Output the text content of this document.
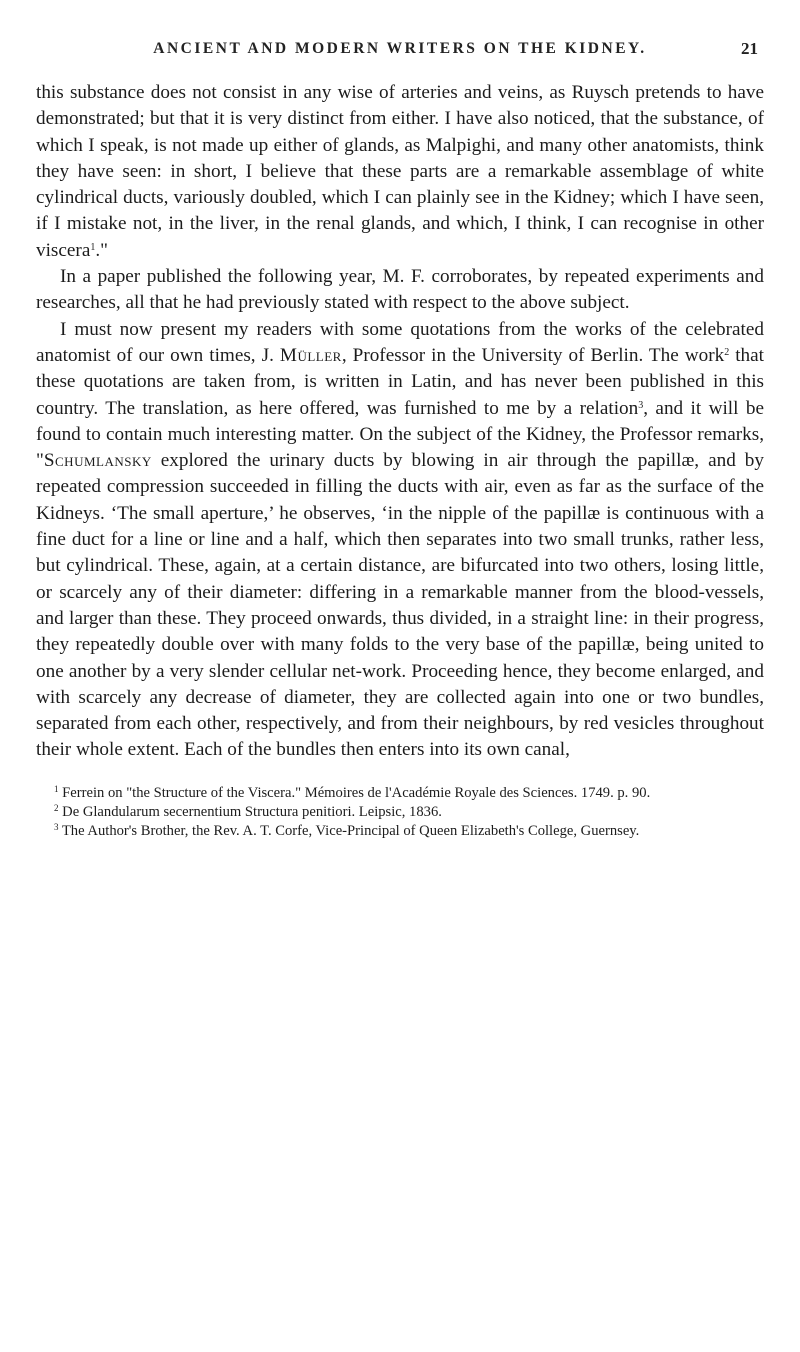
ANCIENT AND MODERN WRITERS ON THE KIDNEY.	21

this substance does not consist in any wise of arteries and veins, as Ruysch pretends to have demonstrated; but that it is very distinct from either. I have also noticed, that the substance, of which I speak, is not made up either of glands, as Malpighi, and many other anatomists, think they have seen: in short, I believe that these parts are a remarkable assemblage of white cylindrical ducts, variously doubled, which I can plainly see in the Kidney; which I have seen, if I mistake not, in the liver, in the renal glands, and which, I think, I can recognise in other viscera$^1$."

In a paper published the following year, M. F. corroborates, by repeated experiments and researches, all that he had previously stated with respect to the above subject.

I must now present my readers with some quotations from the works of the celebrated anatomist of our own times, J. Müller, Professor in the University of Berlin. The work$^2$ that these quotations are taken from, is written in Latin, and has never been published in this country. The translation, as here offered, was furnished to me by a relation$^3$, and it will be found to contain much interesting matter. On the subject of the Kidney, the Professor remarks, "Schumlansky explored the urinary ducts by blowing in air through the papillæ, and by repeated compression succeeded in filling the ducts with air, even as far as the surface of the Kidneys. ‘The small aperture,’ he observes, ‘in the nipple of the papillæ is continuous with a fine duct for a line or line and a half, which then separates into two small trunks, rather less, but cylindrical. These, again, at a certain distance, are bifurcated into two others, losing little, or scarcely any of their diameter: differing in a remarkable manner from the blood-vessels, and larger than these. They proceed onwards, thus divided, in a straight line: in their progress, they repeatedly double over with many folds to the very base of the papillæ, being united to one another by a very slender cellular net-work. Proceeding hence, they become enlarged, and with scarcely any decrease of diameter, they are collected again into one or two bundles, separated from each other, respectively, and from their neighbours, by red vesicles throughout their whole extent. Each of the bundles then enters into its own canal,

$^1$ Ferrein on "the Structure of the Viscera." Mémoires de l'Académie Royale des Sciences. 1749. p. 90.

$^2$ De Glandularum secernentium Structura penitiori. Leipsic, 1836.

$^3$ The Author's Brother, the Rev. A. T. Corfe, Vice-Principal of Queen Elizabeth's College, Guernsey.
